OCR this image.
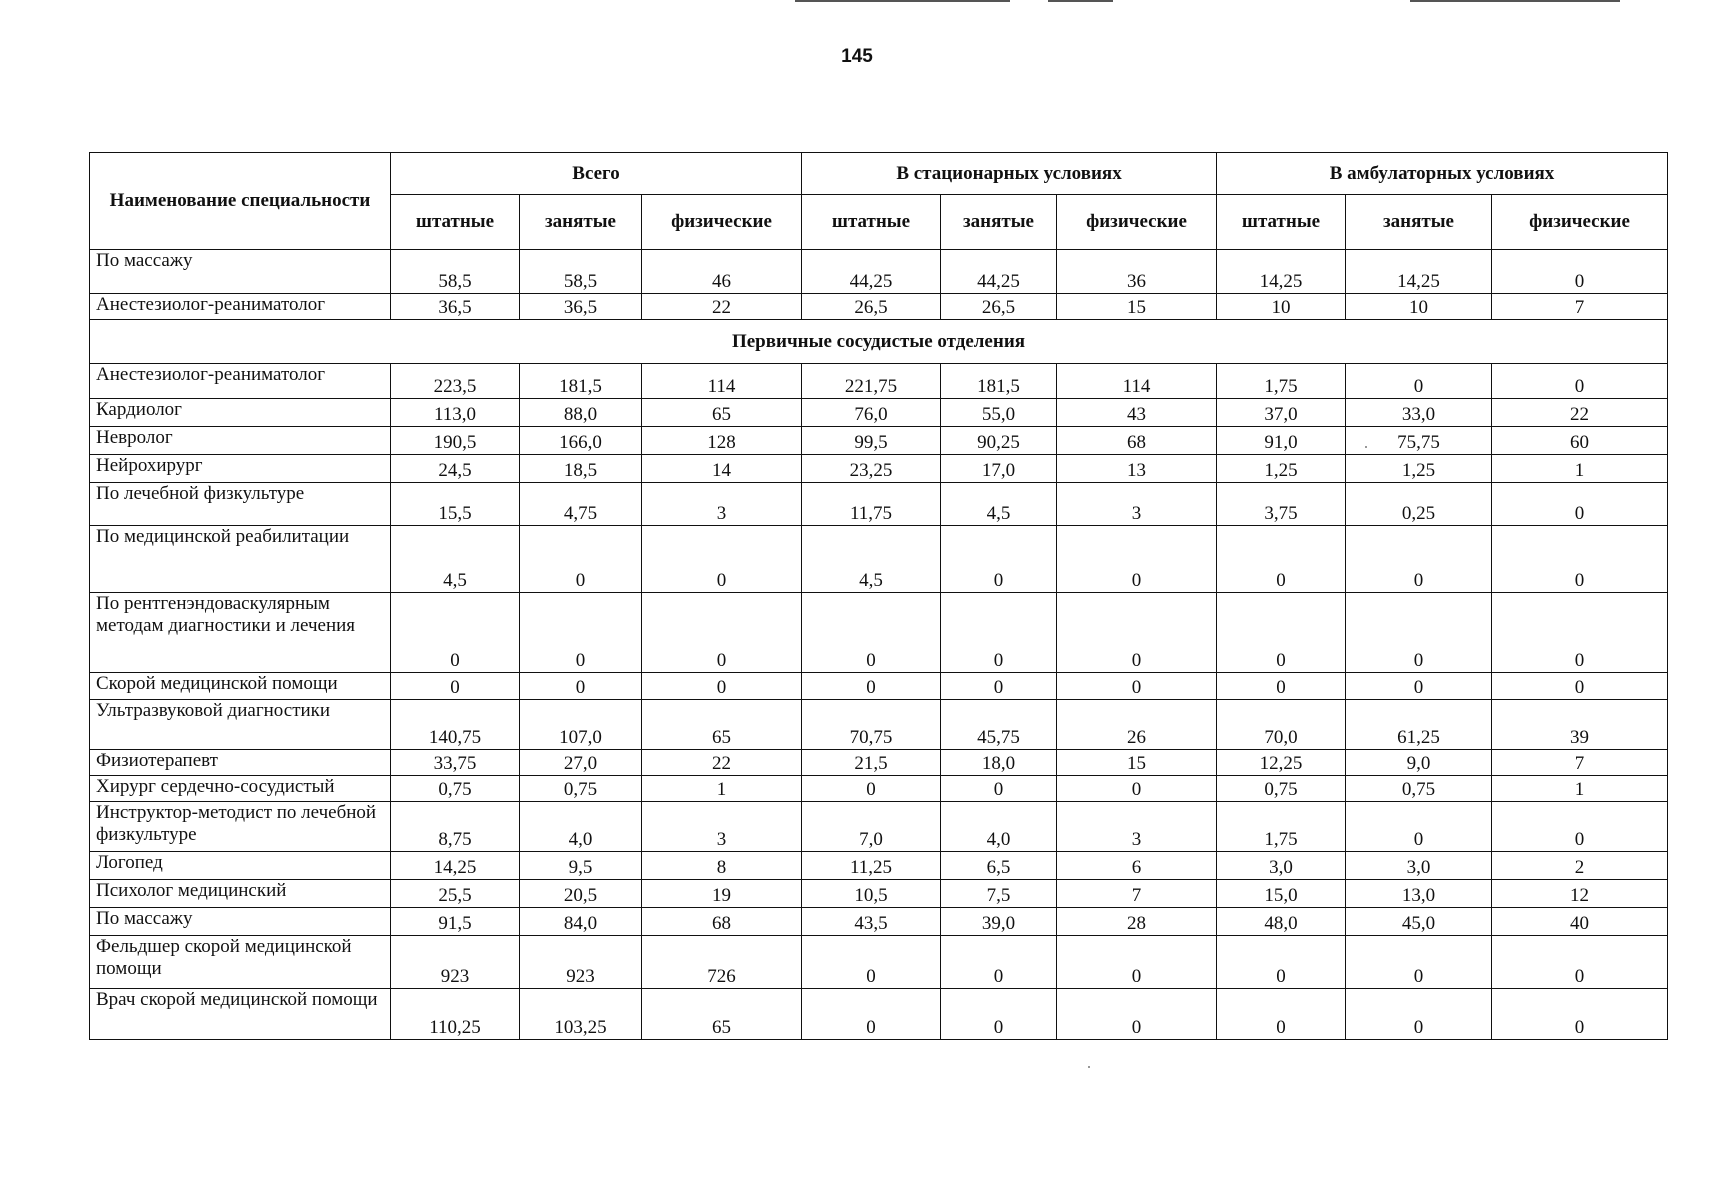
145
Наименование специальности	Всего			В стационарных условиях			В амбулаторных условиях		
	штатные	занятые	физические	штатные	занятые	физические	штатные	занятые	физические
По массажу	58,5	58,5	46	44,25	44,25	36	14,25	14,25	0
Анестезиолог-реаниматолог	36,5	36,5	22	26,5	26,5	15	10	10	7
Первичные сосудистые отделения									
Анестезиолог-реаниматолог	223,5	181,5	114	221,75	181,5	114	1,75	0	0
Кардиолог	113,0	88,0	65	76,0	55,0	43	37,0	33,0	22
Невролог	190,5	166,0	128	99,5	90,25	68	91,0	75,75	60
Нейрохирург	24,5	18,5	14	23,25	17,0	13	1,25	1,25	1
По лечебной физкультуре	15,5	4,75	3	11,75	4,5	3	3,75	0,25	0
По медицинской реабилитации	4,5	0	0	4,5	0	0	0	0	0
По рентгенэндоваскулярным методам диагностики и лечения	0	0	0	0	0	0	0	0	0
Скорой медицинской помощи	0	0	0	0	0	0	0	0	0
Ультразвуковой диагностики	140,75	107,0	65	70,75	45,75	26	70,0	61,25	39
Физиотерапевт	33,75	27,0	22	21,5	18,0	15	12,25	9,0	7
Хирург сердечно-сосудистый	0,75	0,75	1	0	0	0	0,75	0,75	1
Инструктор-методист по лечебной физкультуре	8,75	4,0	3	7,0	4,0	3	1,75	0	0
Логопед	14,25	9,5	8	11,25	6,5	6	3,0	3,0	2
Психолог медицинский	25,5	20,5	19	10,5	7,5	7	15,0	13,0	12
По массажу	91,5	84,0	68	43,5	39,0	28	48,0	45,0	40
Фельдшер скорой медицинской помощи	923	923	726	0	0	0	0	0	0
Врач скорой медицинской помощи	110,25	103,25	65	0	0	0	0	0	0
